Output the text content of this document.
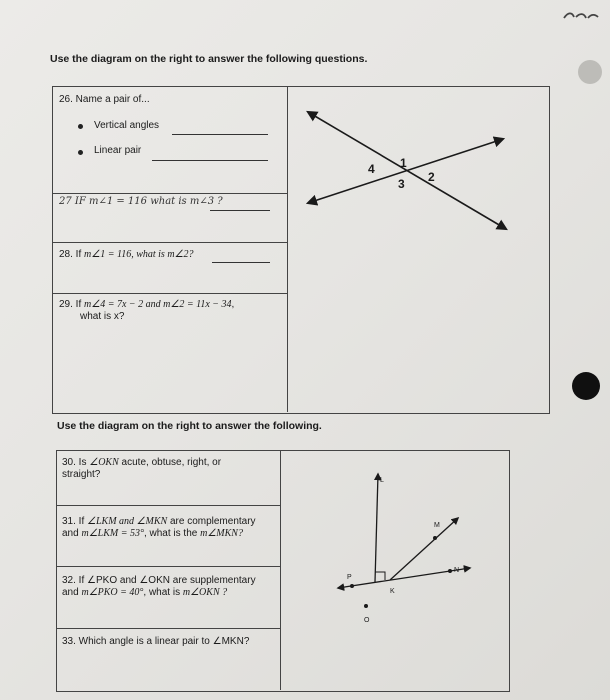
Use the diagram on the right to answer the following questions.
26. Name a pair of...
Vertical angles
Linear pair
27 IF m∠1 = 116 what is m∠3 ?
28. If m∠1 = 116, what is m∠2?
29. If m∠4 = 7x − 2 and m∠2 = 11x − 34,
what is x?
4 1
3 2
Use the diagram on the right to answer the following.
30. Is ∠OKN acute, obtuse, right, or
straight?
31. If ∠LKM and ∠MKN are complementary
and m∠LKM = 53°, what is the m∠MKN?
32. If ∠PKO and ∠OKN are supplementary
and m∠PKO = 40°, what is m∠OKN ?
33. Which angle is a linear pair to ∠MKN?
L
M
N
P
K
O
